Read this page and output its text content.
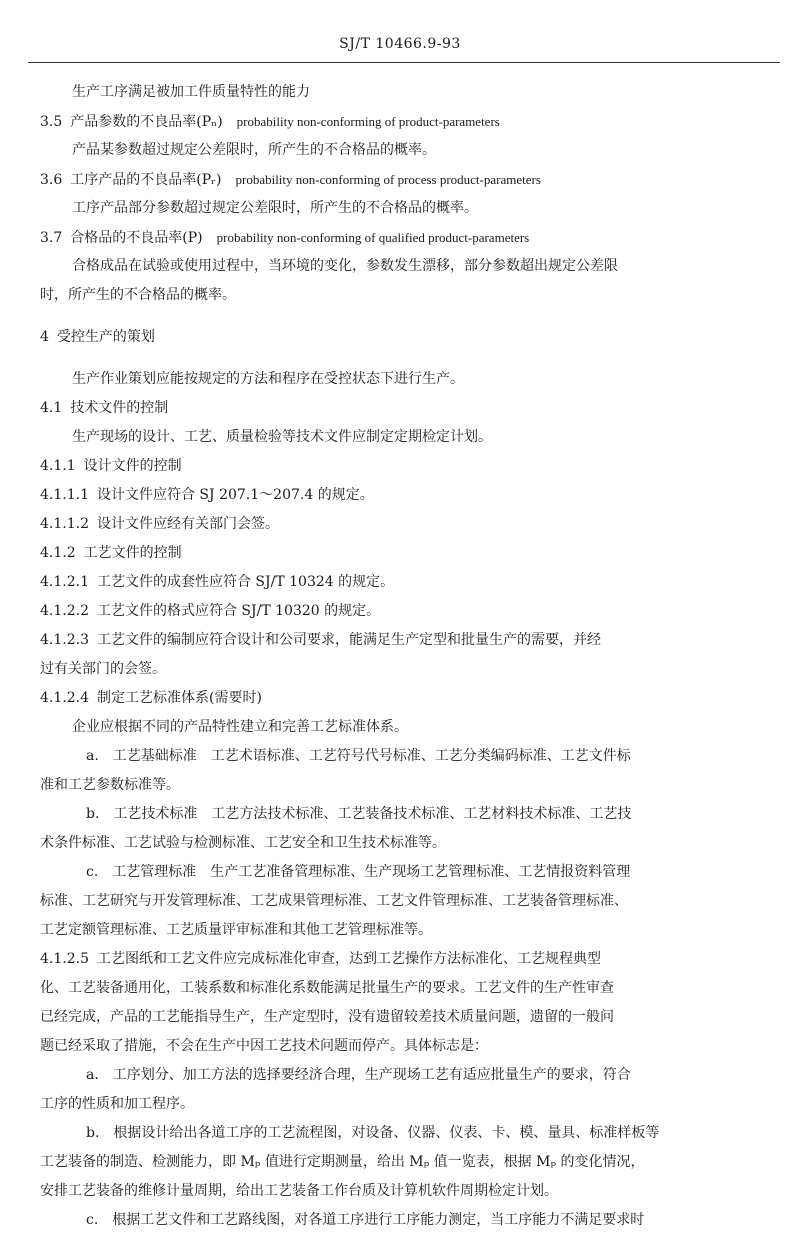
SJ/T 10466.9-93
生产工序满足被加工件质量特性的能力
3.5 产品参数的不良品率(Pₙ) probability non-conforming of product-parameters
产品某参数超过规定公差限时，所产生的不合格品的概率。
3.6 工序产品的不良品率(Pᵣ) probability non-conforming of process product-parameters
工序产品部分参数超过规定公差限时，所产生的不合格品的概率。
3.7 合格品的不良品率(P) probability non-conforming of qualified product-parameters
合格成品在试验或使用过程中，当环境的变化，参数发生漂移，部分参数超出规定公差限
时，所产生的不合格品的概率。
4 受控生产的策划
生产作业策划应能按规定的方法和程序在受控状态下进行生产。
4.1 技术文件的控制
生产现场的设计、工艺、质量检验等技术文件应制定定期检定计划。
4.1.1 设计文件的控制
4.1.1.1 设计文件应符合 SJ 207.1～207.4 的规定。
4.1.1.2 设计文件应经有关部门会签。
4.1.2 工艺文件的控制
4.1.2.1 工艺文件的成套性应符合 SJ/T 10324 的规定。
4.1.2.2 工艺文件的格式应符合 SJ/T 10320 的规定。
4.1.2.3 工艺文件的编制应符合设计和公司要求，能满足生产定型和批量生产的需要，并经
过有关部门的会签。
4.1.2.4 制定工艺标准体系(需要时)
企业应根据不同的产品特性建立和完善工艺标准体系。
a.　工艺基础标准　工艺术语标准、工艺符号代号标准、工艺分类编码标准、工艺文件标
准和工艺参数标准等。
b.　工艺技术标准　工艺方法技术标准、工艺装备技术标准、工艺材料技术标准、工艺技
术条件标准、工艺试验与检测标准、工艺安全和卫生技术标准等。
c.　工艺管理标准　生产工艺准备管理标准、生产现场工艺管理标准、工艺情报资料管理
标准、工艺研究与开发管理标准、工艺成果管理标准、工艺文件管理标准、工艺装备管理标准、
工艺定额管理标准、工艺质量评审标准和其他工艺管理标准等。
4.1.2.5 工艺图纸和工艺文件应完成标准化审查，达到工艺操作方法标准化、工艺规程典型
化、工艺装备通用化，工装系数和标准化系数能满足批量生产的要求。工艺文件的生产性审查
已经完成，产品的工艺能指导生产，生产定型时，没有遗留较差技术质量问题，遗留的一般问
题已经采取了措施，不会在生产中因工艺技术问题而停产。具体标志是：
a.　工序划分、加工方法的选择要经济合理，生产现场工艺有适应批量生产的要求，符合
工序的性质和加工程序。
b.　根据设计给出各道工序的工艺流程图，对设备、仪器、仪表、卡、模、量具、标准样板等
工艺装备的制造、检测能力，即 Mₚ 值进行定期测量，给出 Mₚ 值一览表，根据 Mₚ 的变化情况，
安排工艺装备的维修计量周期，给出工艺装备工作台质及计算机软件周期检定计划。
c.　根据工艺文件和工艺路线图，对各道工序进行工序能力测定，当工序能力不满足要求时
